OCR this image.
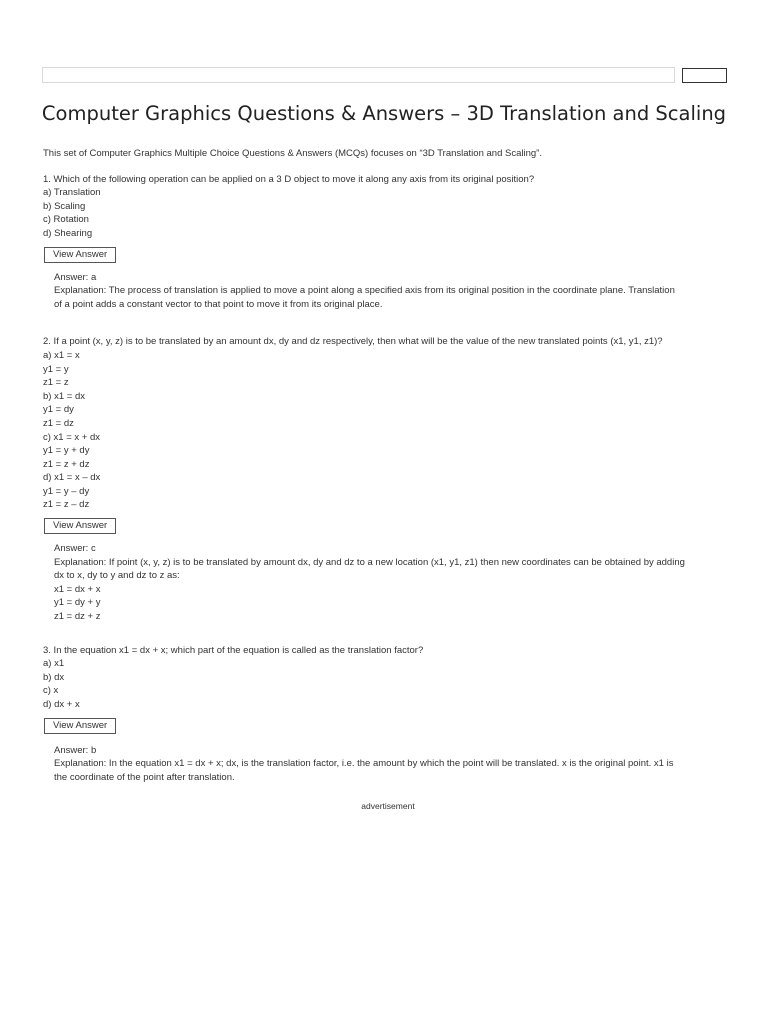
Computer Graphics Questions & Answers – 3D Translation and Scaling
This set of Computer Graphics Multiple Choice Questions & Answers (MCQs) focuses on “3D Translation and Scaling”.
1. Which of the following operation can be applied on a 3 D object to move it along any axis from its original position?
a) Translation
b) Scaling
c) Rotation
d) Shearing
View Answer
Answer: a
Explanation: The process of translation is applied to move a point along a specified axis from its original position in the coordinate plane. Translation
of a point adds a constant vector to that point to move it from its original place.
2. If a point (x, y, z) is to be translated by an amount dx, dy and dz respectively, then what will be the value of the new translated points (x1, y1, z1)?
a) x1 = x
y1 = y
z1 = z
b) x1 = dx
y1 = dy
z1 = dz
c) x1 = x + dx
y1 = y + dy
z1 = z + dz
d) x1 = x – dx
y1 = y – dy
z1 = z – dz
View Answer
Answer: c
Explanation: If point (x, y, z) is to be translated by amount dx, dy and dz to a new location (x1, y1, z1) then new coordinates can be obtained by adding
dx to x, dy to y and dz to z as:
x1 = dx + x
y1 = dy + y
z1 = dz + z
3. In the equation x1 = dx + x; which part of the equation is called as the translation factor?
a) x1
b) dx
c) x
d) dx + x
View Answer
Answer: b
Explanation: In the equation x1 = dx + x; dx, is the translation factor, i.e. the amount by which the point will be translated. x is the original point. x1 is
the coordinate of the point after translation.
advertisement
